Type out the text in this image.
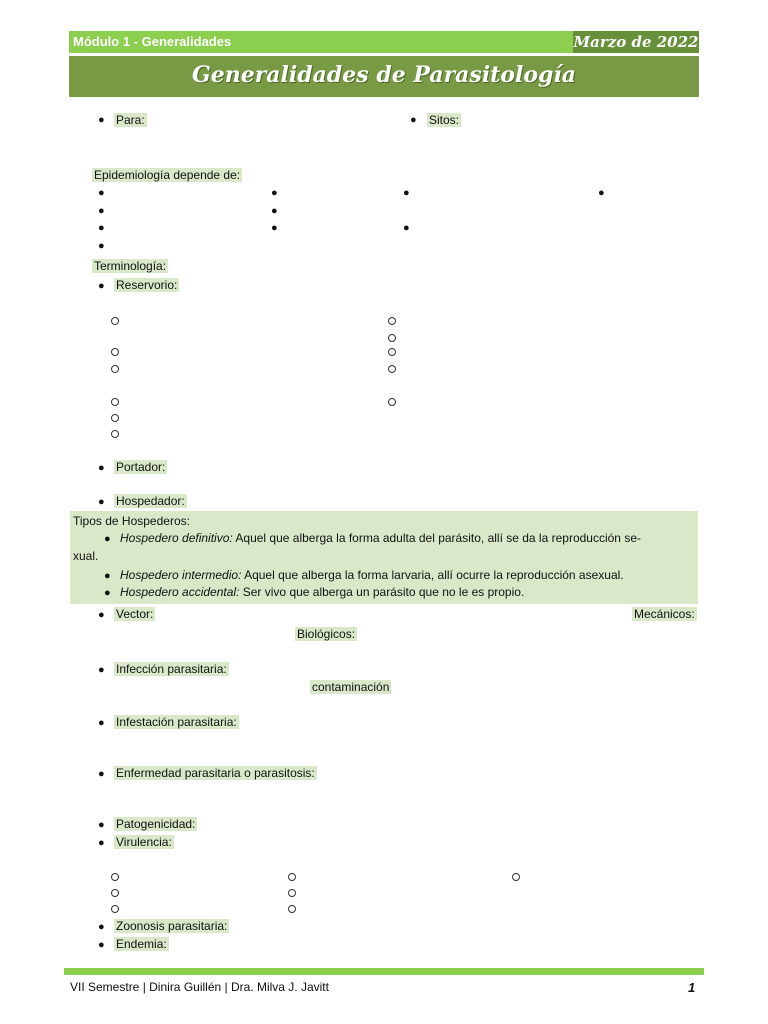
Módulo 1 - Generalidades	Marzo de 2022
Generalidades de Parasitología
● Para:	● Sitos:
Epidemiología depende de:
●	●	●	●
●	●
●	●	●
●
Terminología:
● Reservorio:
● Portador:
● Hospedador:
Tipos de Hospederos:
● Hospedero definitivo: Aquel que alberga la forma adulta del parásito, allí se da la reproducción se-
xual.
● Hospedero intermedio: Aquel que alberga la forma larvaria, allí ocurre la reproducción asexual.
● Hospedero accidental: Ser vivo que alberga un parásito que no le es propio.
● Vector:	Mecánicos:
Biológicos:
● Infección parasitaria:
contaminación
● Infestación parasitaria:
● Enfermedad parasitaria o parasitosis:
● Patogenicidad:
● Virulencia:
● Zoonosis parasitaria:
● Endemia:
VII Semestre | Dinira Guillén | Dra. Milva J. Javitt	1
